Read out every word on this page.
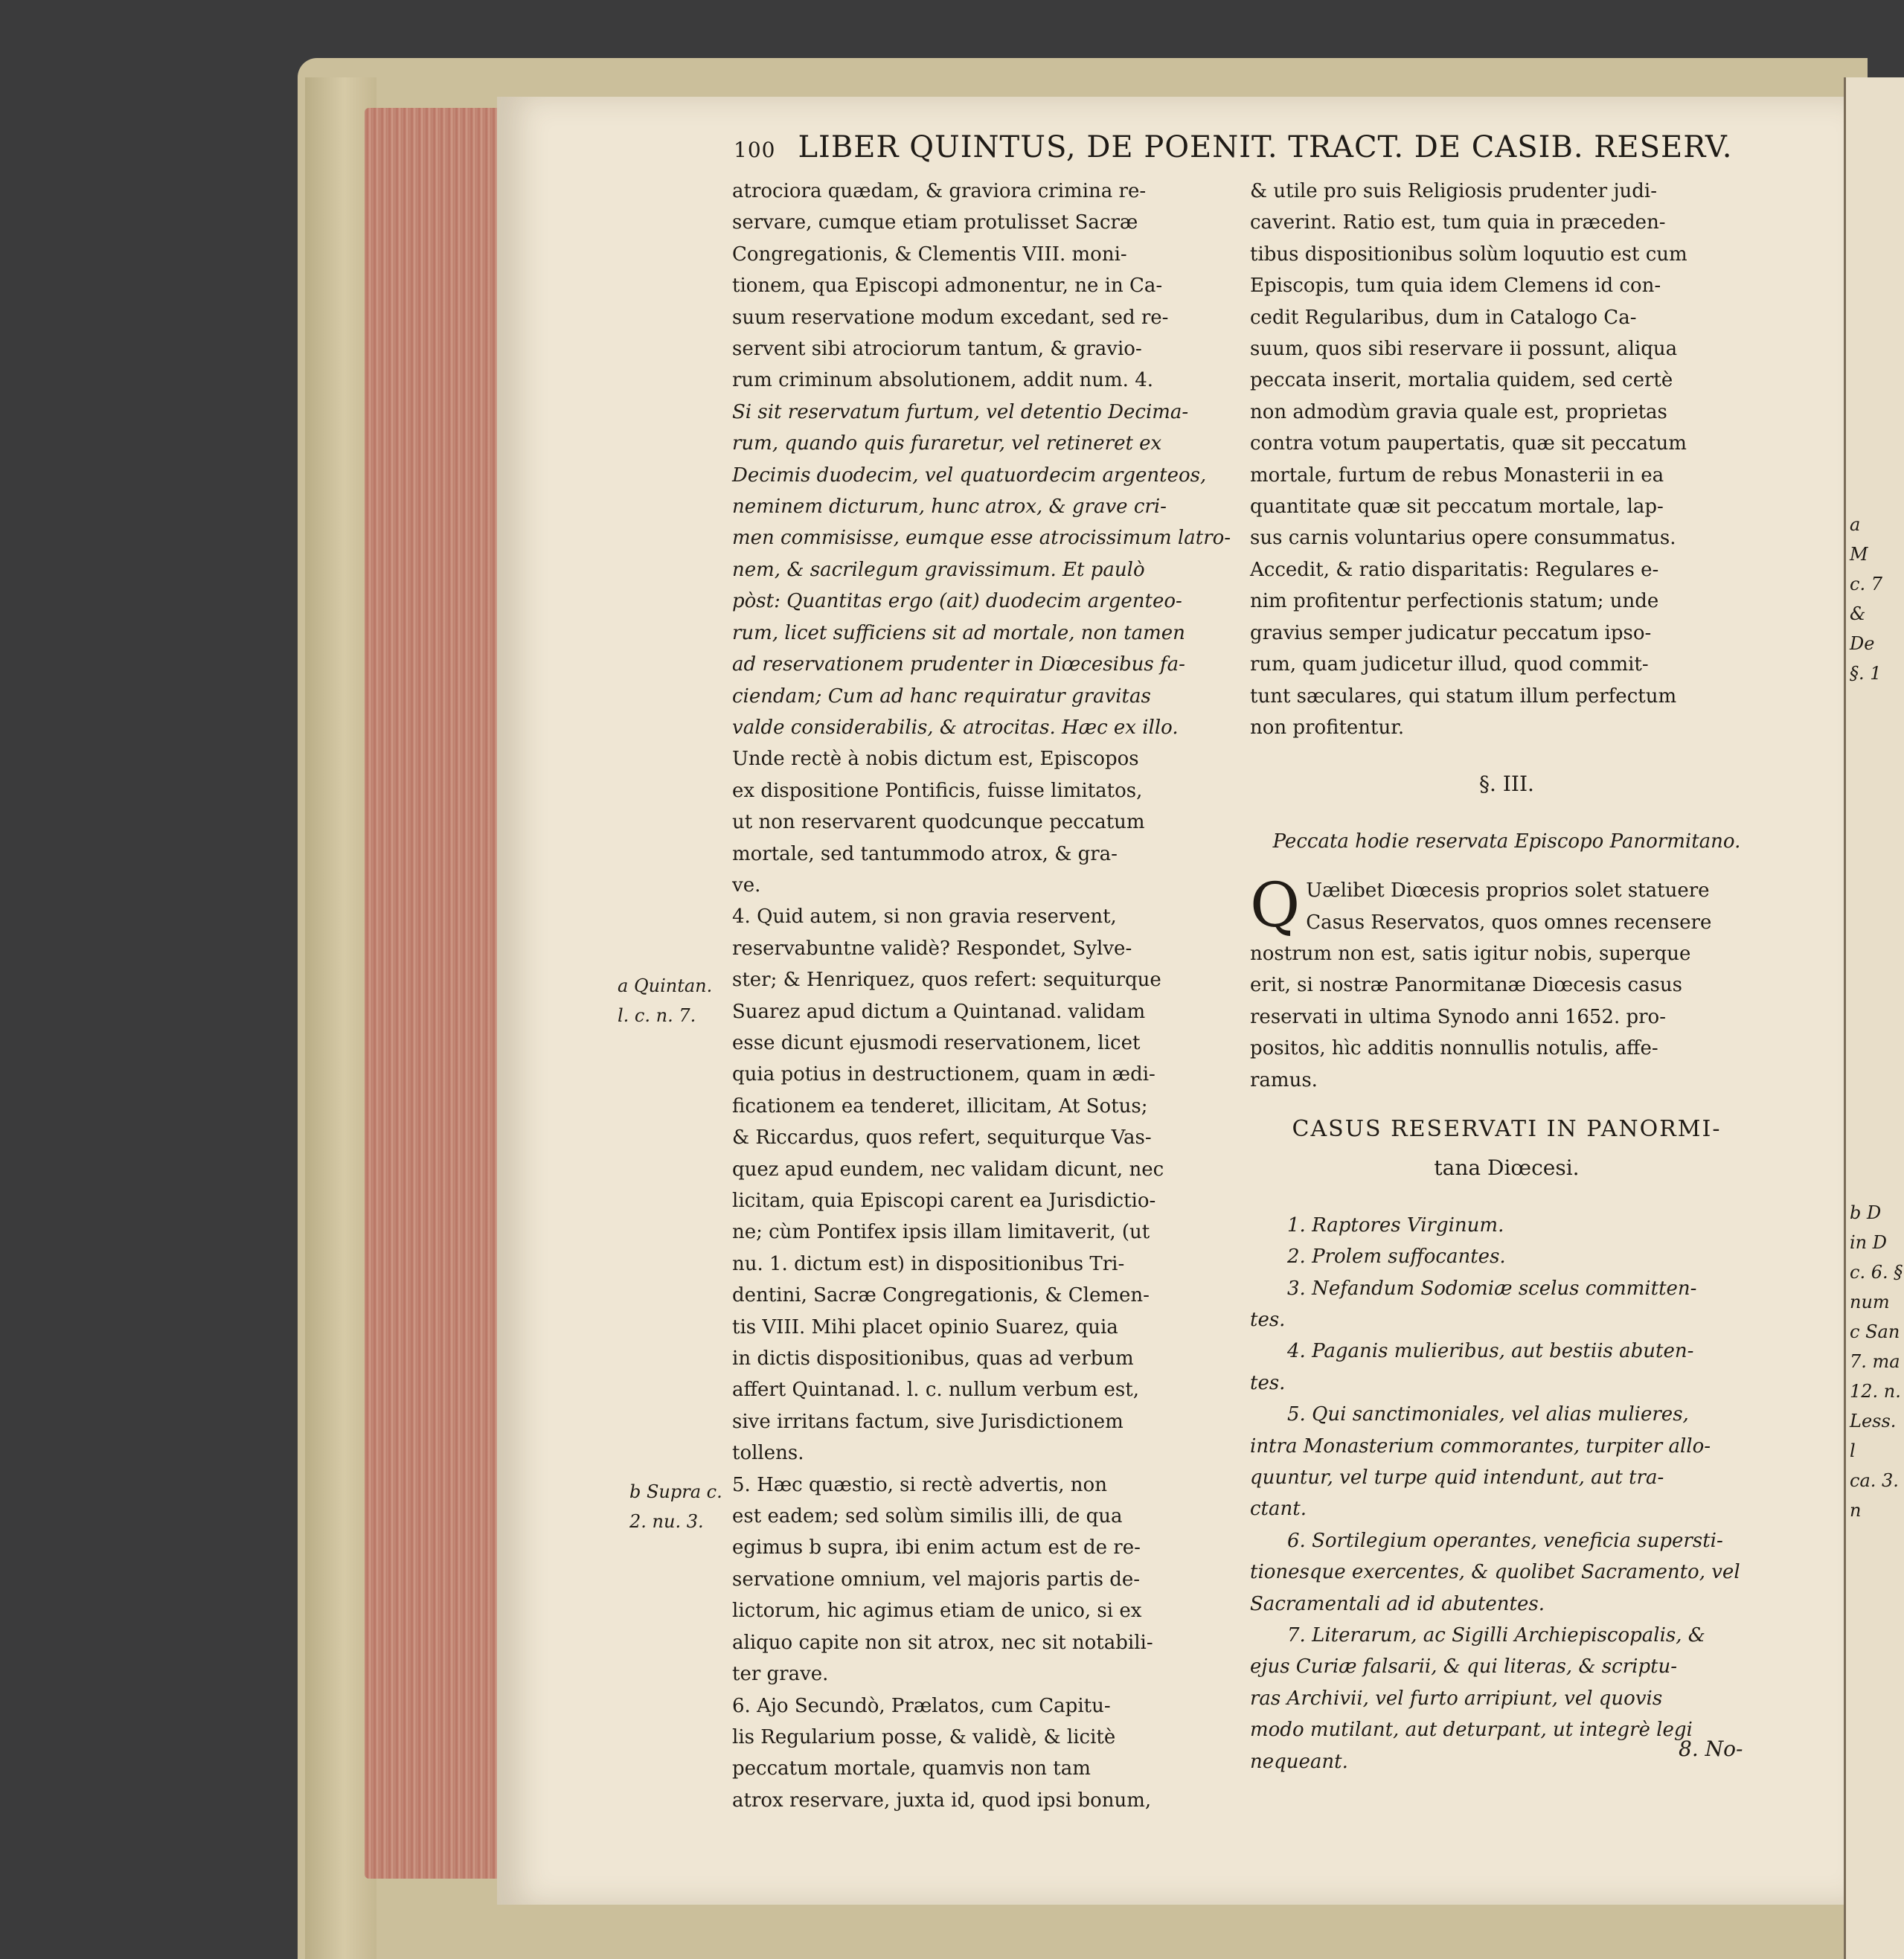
100 LIBER QUINTUS, DE POENIT. TRACT. DE CASIB. RESERV.
atrociora quædam, & graviora crimina re-
servare, cumque etiam protulisset Sacræ
Congregationis, & Clementis VIII. moni-
tionem, qua Episcopi admonentur, ne in Ca-
suum reservatione modum excedant, sed re-
servent sibi atrociorum tantum, & gravio-
rum criminum absolutionem, addit num. 4.
Si sit reservatum furtum, vel detentio Decima-
rum, quando quis furaretur, vel retineret ex
Decimis duodecim, vel quatuordecim argenteos,
neminem dicturum, hunc atrox, & grave cri-
men commisisse, eumque esse atrocissimum latro-
nem, & sacrilegum gravissimum. Et paulò
pòst: Quantitas ergo (ait) duodecim argenteo-
rum, licet sufficiens sit ad mortale, non tamen
ad reservationem prudenter in Diœcesibus fa-
ciendam; Cum ad hanc requiratur gravitas
valde considerabilis, & atrocitas. Hæc ex illo.
Unde rectè à nobis dictum est, Episcopos
ex dispositione Pontificis, fuisse limitatos,
ut non reservarent quodcunque peccatum
mortale, sed tantummodo atrox, & gra-
ve.
4. Quid autem, si non gravia reservent,
reservabuntne validè? Respondet, Sylve-
ster; & Henriquez, quos refert: sequiturque
Suarez apud dictum a Quintanad. validam
esse dicunt ejusmodi reservationem, licet
quia potius in destructionem, quam in ædi-
ficationem ea tenderet, illicitam, At Sotus;
& Riccardus, quos refert, sequiturque Vas-
quez apud eundem, nec validam dicunt, nec
licitam, quia Episcopi carent ea Jurisdictio-
ne; cùm Pontifex ipsis illam limitaverit, (ut
nu. 1. dictum est) in dispositionibus Tri-
dentini, Sacræ Congregationis, & Clemen-
tis VIII. Mihi placet opinio Suarez, quia
in dictis dispositionibus, quas ad verbum
affert Quintanad. l. c. nullum verbum est,
sive irritans factum, sive Jurisdictionem
tollens.
5. Hæc quæstio, si rectè advertis, non
est eadem; sed solùm similis illi, de qua
egimus b supra, ibi enim actum est de re-
servatione omnium, vel majoris partis de-
lictorum, hic agimus etiam de unico, si ex
aliquo capite non sit atrox, nec sit notabili-
ter grave.
6. Ajo Secundò, Prælatos, cum Capitu-
lis Regularium posse, & validè, & licitè
peccatum mortale, quamvis non tam
atrox reservare, juxta id, quod ipsi bonum,
& utile pro suis Religiosis prudenter judi-
caverint. Ratio est, tum quia in præceden-
tibus dispositionibus solùm loquutio est cum
Episcopis, tum quia idem Clemens id con-
cedit Regularibus, dum in Catalogo Ca-
suum, quos sibi reservare ii possunt, aliqua
peccata inserit, mortalia quidem, sed certè
non admodùm gravia quale est, proprietas
contra votum paupertatis, quæ sit peccatum
mortale, furtum de rebus Monasterii in ea
quantitate quæ sit peccatum mortale, lap-
sus carnis voluntarius opere consummatus.
Accedit, & ratio disparitatis: Regulares e-
nim profitentur perfectionis statum; unde
gravius semper judicatur peccatum ipso-
rum, quam judicetur illud, quod commit-
tunt sæculares, qui statum illum perfectum
non profitentur.
§. III.
Peccata hodie reservata Episcopo Panormitano.
Q Uælibet Diœcesis proprios solet statuere
Casus Reservatos, quos omnes recensere
nostrum non est, satis igitur nobis, superque
erit, si nostræ Panormitanæ Diœcesis casus
reservati in ultima Synodo anni 1652. pro-
positos, hìc additis nonnullis notulis, affe-
ramus.
CASUS RESERVATI IN PANORMI-
tana Diœcesi.
1. Raptores Virginum.
2. Prolem suffocantes.
3. Nefandum Sodomiæ scelus committen-
tes.
4. Paganis mulieribus, aut bestiis abuten-
tes.
5. Qui sanctimoniales, vel alias mulieres,
intra Monasterium commorantes, turpiter allo-
quuntur, vel turpe quid intendunt, aut tra-
ctant.
6. Sortilegium operantes, veneficia supersti-
tionesque exercentes, & quolibet Sacramento, vel
Sacramentali ad id abutentes.
7. Literarum, ac Sigilli Archiepiscopalis, &
ejus Curiæ falsarii, & qui literas, & scriptu-
ras Archivii, vel furto arripiunt, vel quovis
modo mutilant, aut deturpant, ut integrè legi
nequeant.
a Quintan.
l. c. n. 7.
b Supra c.
2. nu. 3.
a
M
c. 7
&
De
§. 1
b D
in D
c. 6. §
num
c San
7. ma
12. n.
Less. l
ca. 3. n
8. No-
